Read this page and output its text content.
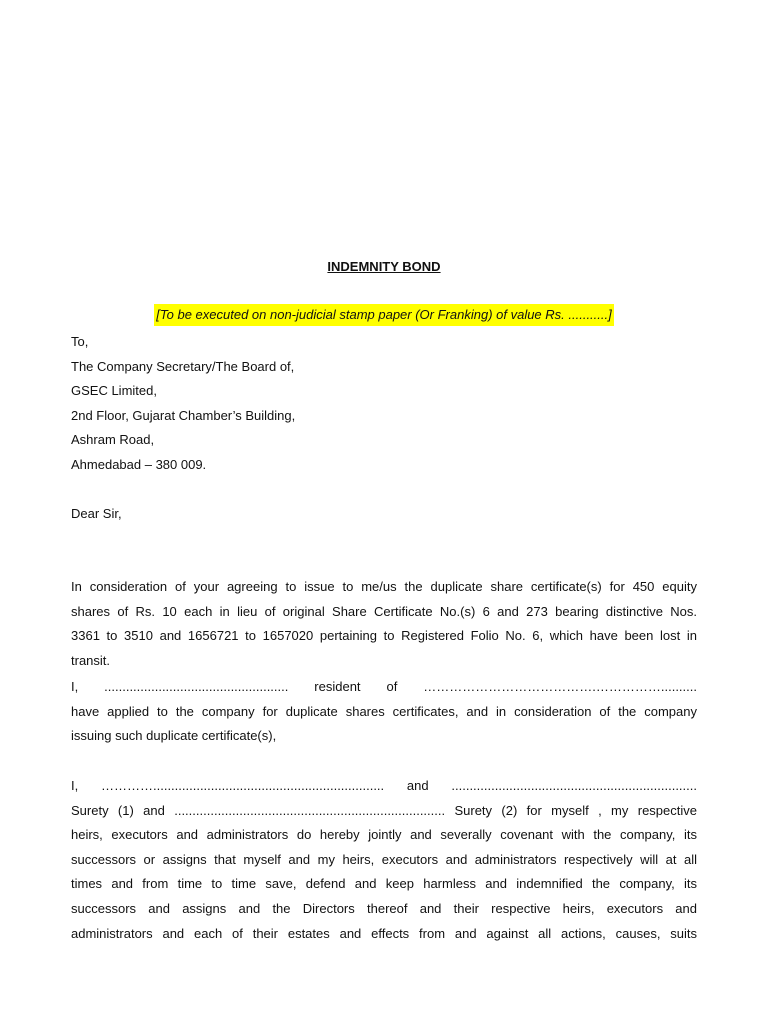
INDEMNITY BOND
[To be executed on non-judicial stamp paper (Or Franking) of value Rs. ...........]
To,
The Company Secretary/The Board of,
GSEC Limited,
2nd Floor, Gujarat Chamber’s Building,
Ashram Road,
Ahmedabad – 380 009.
Dear Sir,
In consideration of your agreeing to issue to me/us the duplicate share certificate(s) for 450 equity
shares of Rs. 10 each in lieu of original Share Certificate No.(s) 6 and 273 bearing distinctive Nos.
3361 to 3510 and 1656721 to 1657020 pertaining to Registered Folio No. 6, which have been lost in
transit.
I, ................................................... resident of ………………………………….……………..........
have applied to the company for duplicate shares certificates, and in consideration of the company
issuing such duplicate certificate(s),
I, …………................................................................ and ....................................................................
Surety (1) and ........................................................................... Surety (2) for myself , my respective
heirs, executors and administrators do hereby jointly and severally covenant with the company, its
successors or assigns that myself and my heirs, executors and administrators respectively will at all
times and from time to time save, defend and keep harmless and indemnified the company, its
successors and assigns and the Directors thereof and their respective heirs, executors and
administrators and each of their estates and effects from and against all actions, causes, suits
